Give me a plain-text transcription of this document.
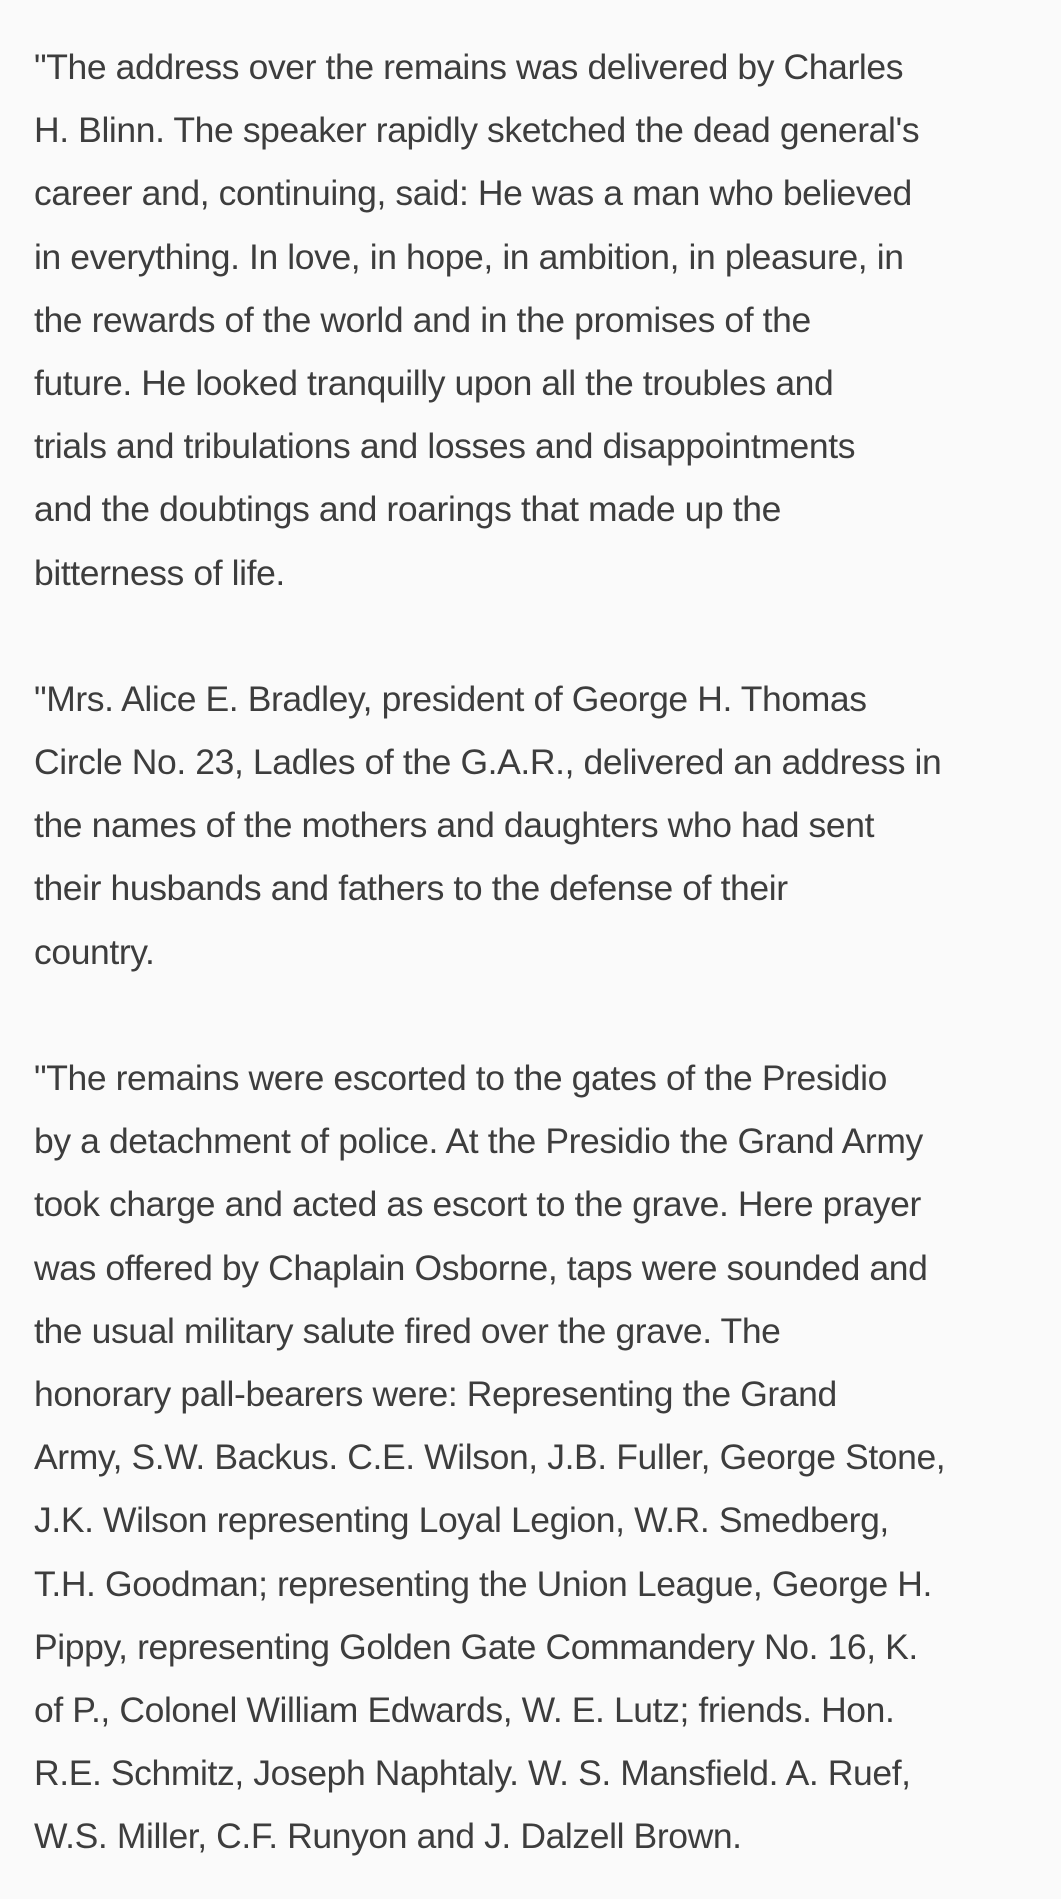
"The address over the remains was delivered by Charles
H. Blinn. The speaker rapidly sketched the dead general's
career and, continuing, said: He was a man who believed
in everything. In love, in hope, in ambition, in pleasure, in
the rewards of the world and in the promises of the
future. He looked tranquilly upon all the troubles and
trials and tribulations and losses and disappointments
and the doubtings and roarings that made up the
bitterness of life.

"Mrs. Alice E. Bradley, president of George H. Thomas
Circle No. 23, Ladles of the G.A.R., delivered an address in
the names of the mothers and daughters who had sent
their husbands and fathers to the defense of their
country.

"The remains were escorted to the gates of the Presidio
by a detachment of police. At the Presidio the Grand Army
took charge and acted as escort to the grave. Here prayer
was offered by Chaplain Osborne, taps were sounded and
the usual military salute fired over the grave. The
honorary pall-bearers were: Representing the Grand
Army, S.W. Backus. C.E. Wilson, J.B. Fuller, George Stone,
J.K. Wilson representing Loyal Legion, W.R. Smedberg,
T.H. Goodman; representing the Union League, George H.
Pippy, representing Golden Gate Commandery No. 16, K.
of P., Colonel William Edwards, W. E. Lutz; friends. Hon.
R.E. Schmitz, Joseph Naphtaly. W. S. Mansfield. A. Ruef,
W.S. Miller, C.F. Runyon and J. Dalzell Brown.
